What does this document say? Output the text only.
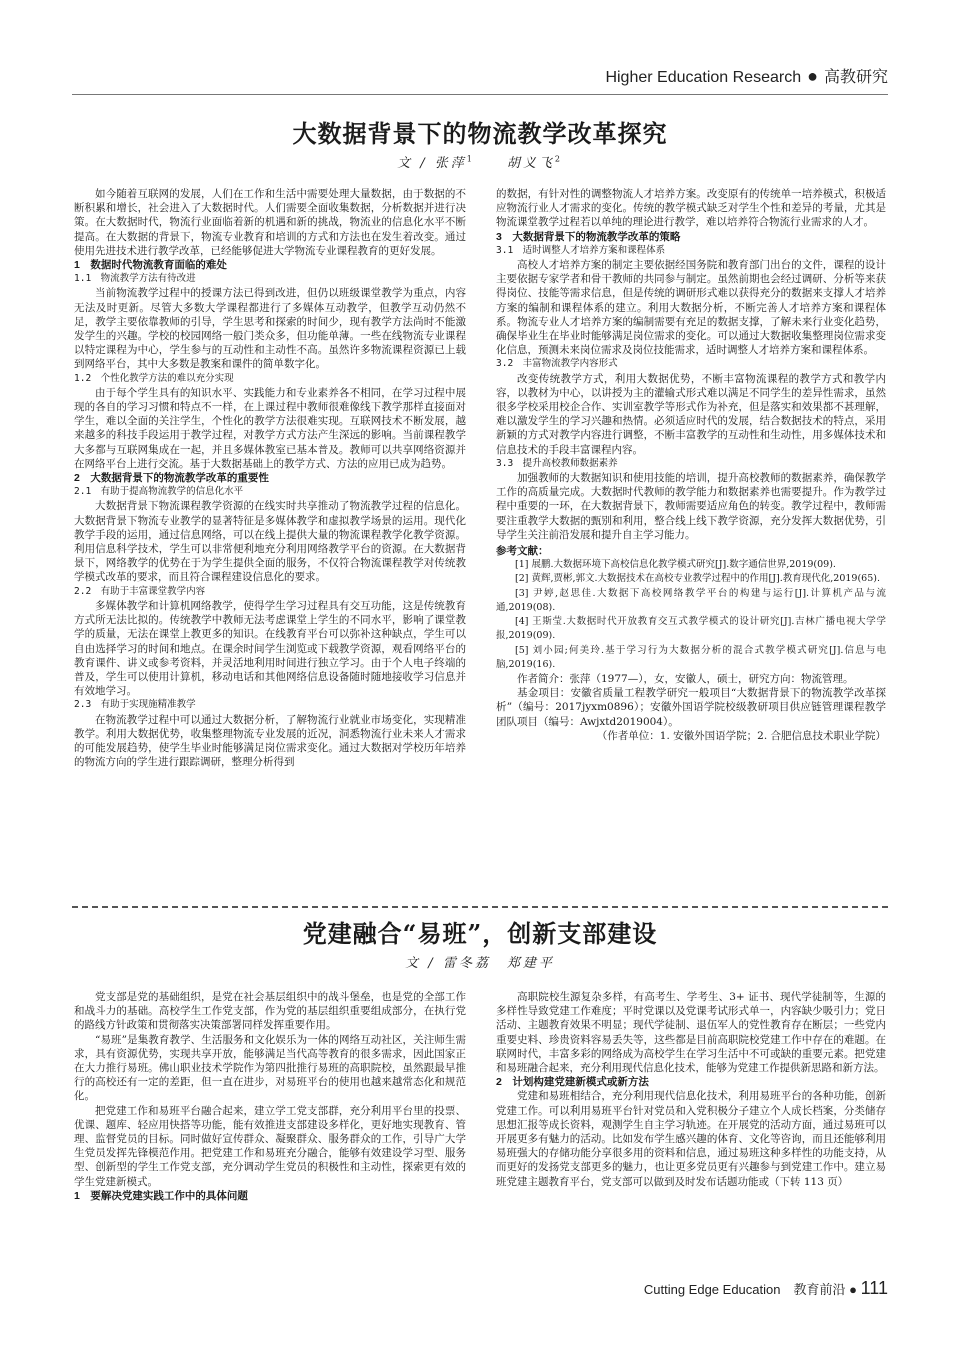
Higher Education Research ● 高教研究
大数据背景下的物流教学改革探究
文 / 张萍$^1$　　 胡义飞$^2$

如今随着互联网的发展，人们在工作和生活中需要处理大量数据，由于数据的不断积累和增长，社会进入了大数据时代。人们需要全面收集数据，分析数据并进行决策。在大数据时代，物流行业面临着新的机遇和新的挑战，物流业的信息化水平不断提高。在大数据的背景下，物流专业教育和培训的方式和方法也在发生着改变。通过使用先进技术进行教学改革，已经能够促进大学物流专业课程教育的更好发展。

1　数据时代物流教育面临的难处

1.1　物流教学方法有待改进

当前物流教学过程中的授课方法已得到改进，但仍以班级课堂教学为重点，内容无法及时更新。尽管大多数大学课程都进行了多媒体互动教学，但教学互动仍然不足，教学主要依靠教师的引导，学生思考和探索的时间少，现有教学方法尚时不能激发学生的兴趣。学校的校园网络一般门类众多，但功能单薄。一些在线物流专业课程以特定课程为中心，学生参与的互动性和主动性不高。虽然许多物流课程资源已上载到网络平台，其中大多数是教案和课件的简单数字化。

1.2　个性化教学方法的难以充分实现

由于每个学生具有的知识水平、实践能力和专业素养各不相同，在学习过程中展现的各自的学习习惯和特点不一样，在上课过程中教师很难像线下教学那样直接面对学生，难以全面的关注学生，个性化的教学方法很难实现。互联网技术不断发展，越来越多的科技手段运用于教学过程，对教学方式方法产生深远的影响。当前课程教学大多都与互联网集成在一起，并且多媒体教室已基本普及。教师可以共享网络资源并在网络平台上进行交流。基于大数据基础上的教学方式、方法的应用已成为趋势。

2　大数据背景下的物流教学改革的重要性

2.1　有助于提高物流教学的信息化水平

大数据背景下物流课程教学资源的在线实时共享推动了物流教学过程的信息化。大数据背景下物流专业教学的显著特征是多媒体教学和虚拟教学场景的运用。现代化教学手段的运用，通过信息网络，可以在线上提供大量的物流课程教学化教学资源。利用信息科学技术，学生可以非常便利地充分利用网络教学平台的资源。在大数据背景下，网络教学的优势在于为学生提供全面的服务，不仅符合物流课程教学对传统教学模式改革的要求，而且符合课程建设信息化的要求。

2.2　有助于丰富课堂教学内容

多媒体教学和计算机网络教学，使得学生学习过程具有交互功能，这是传统教育方式所无法比拟的。传统教学中教师无法考虑课堂上学生的不同水平，影响了课堂教学的质量，无法在课堂上教更多的知识。在线教育平台可以弥补这种缺点，学生可以自由选择学习的时间和地点。在课余时间学生浏览或下载教学资源，观看网络平台的教育课件、讲义或参考资料，并灵活地利用时间进行独立学习。由于个人电子终端的普及，学生可以使用计算机，移动电话和其他网络信息设备随时随地接收学习信息并有效地学习。

2.3　有助于实现施精准教学

在物流教学过程中可以通过大数据分析，了解物流行业就业市场变化，实现精准教学。利用大数据优势，收集整理物流专业发展的近况，洞悉物流行业未来人才需求的可能发展趋势，使学生毕业时能够满足岗位需求变化。通过大数据对学校历年培养的物流方向的学生进行跟踪调研，整理分析得到

的数据，有针对性的调整物流人才培养方案。改变原有的传统单一培养模式，积极适应物流行业人才需求的变化。传统的教学模式缺乏对学生个性和差异的考量，尤其是物流课堂教学过程若以单纯的理论进行教学，难以培养符合物流行业需求的人才。

3　大数据背景下的物流教学改革的策略

3.1　适时调整人才培养方案和课程体系

高校人才培养方案的制定主要依据经国务院和教育部门出台的文件，课程的设计主要依据专家学者和骨干教师的共同参与制定。虽然前期也会经过调研、分析等来获得岗位、技能等需求信息，但是传统的调研形式难以获得充分的数据来支撑人才培养方案的编制和课程体系的建立。利用大数据分析，不断完善人才培养方案和课程体系。物流专业人才培养方案的编制需要有充足的数据支撑，了解未来行业变化趋势，确保毕业生在毕业时能够满足岗位需求的变化。可以通过大数据收集整理岗位需求变化信息，预测未来岗位需求及岗位技能需求，适时调整人才培养方案和课程体系。

3.2　丰富物流教学内容形式

改变传统教学方式，利用大数据优势，不断丰富物流课程的教学方式和教学内容，以教材为中心，以讲授为主的灌输式形式难以满足不同学生的差异性需求，虽然很多学校采用校企合作、实训室教学等形式作为补充，但是落实和效果都不甚理解，难以激发学生的学习兴趣和热情。必须适应时代的发展，结合数据技术的特点，采用新颖的方式对教学内容进行调整，不断丰富教学的互动性和生动性，用多媒体技术和信息技术的手段丰富课程内容。

3.3　提升高校教师数据素养

加强教师的大数据知识和使用技能的培训，提升高校教师的数据素养，确保教学工作的高质量完成。大数据时代教师的教学能力和数据素养也需要提升。作为教学过程中重要的一环，在大数据背景下，教师需要适应角色的转变。教学过程中，教师需要注重教学大数据的甄别和利用，整合线上线下教学资源，充分发挥大数据优势，引导学生关注前沿发展和提升自主学习能力。

参考文献：

[1] 展鹏.大数据环境下高校信息化教学模式研究[J].数字通信世界,2019(09).

[2] 黄辉,贾彬,郭文.大数据技术在高校专业教学过程中的作用[J].教育现代化,2019(65).

[3] 尹婷,赵思佳.大数据下高校网络教学平台的构建与运行[J].计算机产品与流通,2019(08).

[4] 王斯莹.大数据时代开放教育交互式教学模式的设计研究[J].吉林广播电视大学学报,2019(09).

[5] 刘小园;何美玲.基于学习行为大数据分析的混合式教学模式研究[J].信息与电脑,2019(16).

作者简介：张萍（1977—），女，安徽人，硕士，研究方向：物流管理。

基金项目：安徽省质量工程教学研究一般项目“大数据背景下的物流教学改革探析”（编号：2017jyxm0896）；安徽外国语学院校级教研项目供应链管理课程教学团队项目（编号：Awjxtd2019004）。

（作者单位：1. 安徽外国语学院；2. 合肥信息技术职业学院）

党建融合“易班”，创新支部建设
文 / 雷冬荔　郑建平

党支部是党的基础组织，是党在社会基层组织中的战斗堡垒，也是党的全部工作和战斗力的基础。高校学生工作党支部，作为党的基层组织重要组成部分，在执行党的路线方针政策和贯彻落实决策部署同样发挥重要作用。

“易班”是集教育教学、生活服务和文化娱乐为一体的网络互动社区，关注师生需求，具有资源优势，实现共享开放，能够满足当代高等教育的很多需求，因此国家正在大力推行易班。佛山职业技术学院作为第四批推行易班的高职院校，虽然跟最早推行的高校还有一定的差距，但一直在进步，对易班平台的使用也越来越常态化和规范化。

把党建工作和易班平台融合起来，建立学工党支部群，充分利用平台里的投票、优课、题库、轻应用快搭等功能，能有效推进支部建设多样化，更好地实现教育、管理、监督党员的目标。同时做好宣传群众、凝聚群众、服务群众的工作，引导广大学生党员发挥先锋模范作用。把党建工作和易班充分融合，能够有效建设学习型、服务型、创新型的学生工作党支部，充分调动学生党员的积极性和主动性，探索更有效的学生党建新模式。

1　要解决党建实践工作中的具体问题

高职院校生源复杂多样，有高考生、学考生、3+ 证书、现代学徒制等，生源的多样性导致党建工作难度；平时党课以及党课考试形式单一，内容缺少吸引力；党日活动、主题教育效果不明显；现代学徒制、退伍军人的党性教育存在断层；一些党内重要史料、珍贵资料容易丢失等，这些都是目前高职院校党建工作中存在的难题。在联网时代，丰富多彩的网络成为高校学生在学习生活中不可或缺的重要元素。把党建和易班融合起来，充分利用现代信息化技术，能够为党建工作提供新思路和新方法。

2　计划构建党建新模式或新方法

党建和易班相结合，充分利用现代信息化技术，利用易班平台的各种功能，创新党建工作。可以利用易班平台针对党员和入党积极分子建立个人成长档案，分类储存思想汇报等成长资料，观测学生自主学习轨迹。在开展党的活动方面，通过易班可以开展更多有魅力的活动。比如发布学生感兴趣的体育、文化等咨询，而且还能够利用易班强大的存储功能分享很多用的资料和信息，通过易班这种多样性的功能支持，从而更好的发扬党支部更多的魅力，也让更多党员更有兴趣参与到党建工作中。建立易班党建主题教育平台，党支部可以做到及时发布话题功能或（下转 113 页）

Cutting Edge Education　 教育前沿 ● 111
